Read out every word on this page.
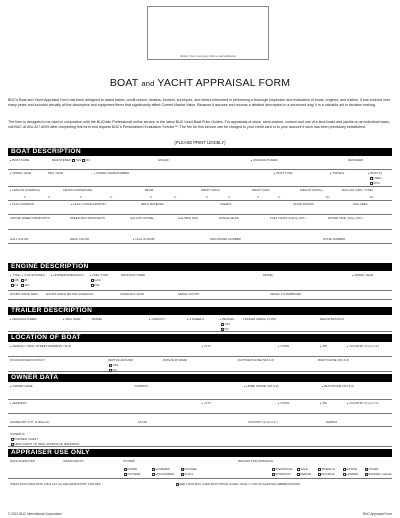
(Enter Your Company Name and Address)
BOAT and YACHT APPRAISAL FORM
BUC's Boat and Yacht Appraisal Form has been designed to assist banks, credit unions, dealers, brokers, surveyors, and others interested in performing a thorough inspection and evaluation of boats, engines, and trailers. It has evolved over many years and includes virtually all the descriptive and equipment items that significantly affect Current Market Value. Because it assures and records a detailed description in a structured way, it is a valuable aid to decision making.
The form is designed to be used in conjunction with the BUCValu Professional online service or the latest BUC Used Boat Price Guides. For appraisals of stock, semi-custom, custom and one of a kind boats and yachts on an individual basis, call BUC at 800-327-6929 after completing this form and request BUC's Personalized Evaluation Service™. The fee for this service can be charged to your credit card or to your account if such has been previously established.
(PLEASE PRINT LEGIBLY)
BOAT DESCRIPTION
● BOAT NAME	REGISTERED	YES	NO	HIN/HID	● MANUFACTURER	DESIGNER
● MODEL YEAR	MFG YEAR	● MODEL NAME/NUMBER	● BOAT TYPE	● TOP/RIG	● BOAT ID
USED
DOC
● LENGTH (OVERALL)	LENGTH WATERLINE	BEAM	DRAFT (MAX)	DRAFT (MIN)	WEIGHT (DISPL.)	BALLAST (LBS / TYPE)
ft.	in.	ft.	in.	ft.	in.	ft.	in.	ft.	in.	lbs.	lbs.
● HULL MATERIAL	● HULL CONFIGURATION	DECK MATERIAL	SLEEPS	STATE ROOMS	SAIL AREA
CRUISE SPEED MPH/KNOTS	SPEED MAX MPH/KNOTS	GALLON CRUISE	GAL/MPG MAX	RANGE MILES	FUEL TANKS (GALS) (NO.)	WATER TANK (GAL) (NO.)
HULL COLOR	DECK COLOR	● HULL ID #/HIN	ODD MODEL NUMBER	STATE NUMBER
ENGINE DESCRIPTION
● TYPE	● # OF ENGINES	● HORSEPOWER EACH	● FUEL TYPE	MANUFACTURER	MODEL	● MODEL YEAR
OB	IB
I/O	JET
GAS
DSL
HOURS SINCE NEW	HOURS SINCE MAJOR OVERHAUL	OVERHAUL DATE	SERIAL # PORT	SERIAL # STARBOARD
TRAILER DESCRIPTION
● MANUFACTURER	● MFG YEAR	MODEL	● CAPACITY	● # WHEELS	● BRAKES	TRAILER SERIAL # (VIN)	REGISTRATION #
YES
NO
LOCATION OF BOAT
● MARINA / YARD / STREET ADDRESS / SLIP	● CITY	● STATE	● ZIP	● COUNTRY (if not U.S.)
DOCKMASTER/CONTACT	DEPTHS AROUND	DATE/SLIP NAME	DAYTIME PHONE (W/I & #)	BOAT PHONE (W/I & #)
YES
NO
OWNER DATA
● OWNER NAME	COMPANY	● HOME PHONE (W/I & #)	● BUS PHONE (W/I & #)
● ADDRESS	● CITY	● STATE	● ZIP	● COUNTRY (if not U.S.)
HOMEPORT CITY (if different)	STATE	COUNTRY (if not U.S.)	MARINA
OWNER IS:
FORMER CLIENT
NEW CLIENT / IF NEW, SOURCE OF REFERRAL
APPRAISER USE ONLY
DATE INSPECTED	INSPECTED BY	STORED	REASON FOR APPRAISAL
INSIDE	COVERED	DOCKED
OUTSIDE	UNCOVERED	SLIP #
INSURANCE	SALE	TRADE-IN	ESTATE	OTHER
DONATION	REPAIR	DIVORCE	LENDER	BANKER / LEGAL
ITEMS INDICATED WITH A BULLET (●) ARE MANDATORY FOR PES	SEE YOUR BUC USED BOAT PRICE GUIDE, PAGE 1, FOR SUGGESTED ABBREVIATIONS
© 2010 BUC International Corporation	BUC Appraisal Form
